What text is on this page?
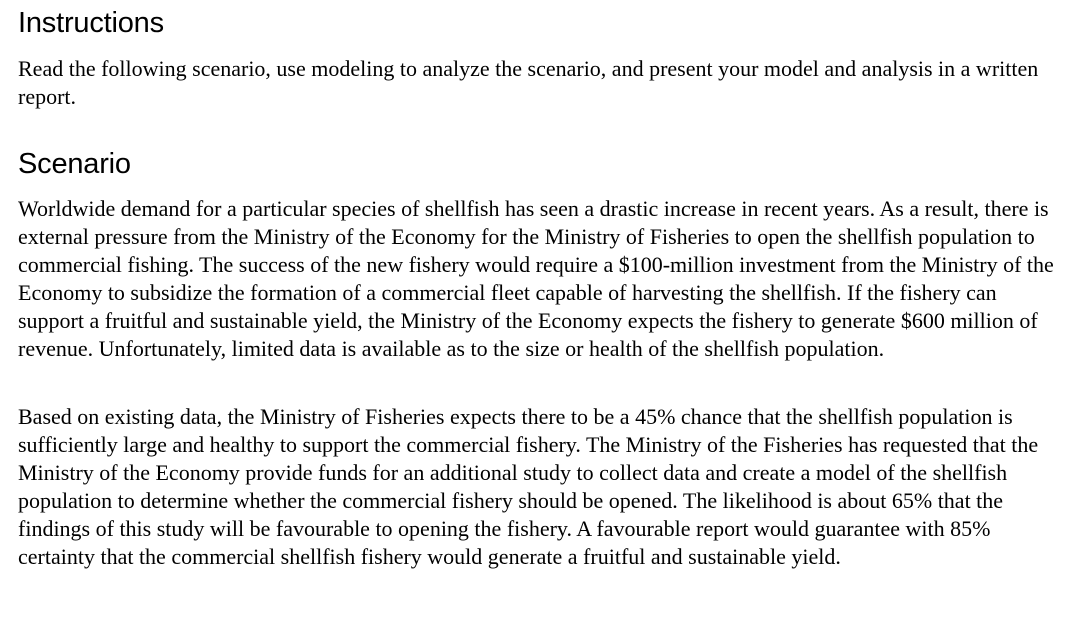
Instructions

Read the following scenario, use modeling to analyze the scenario, and present your model and analysis in a written report.

Scenario

Worldwide demand for a particular species of shellfish has seen a drastic increase in recent years. As a result, there is external pressure from the Ministry of the Economy for the Ministry of Fisheries to open the shellfish population to commercial fishing. The success of the new fishery would require a $100-million investment from the Ministry of the Economy to subsidize the formation of a commercial fleet capable of harvesting the shellfish. If the fishery can support a fruitful and sustainable yield, the Ministry of the Economy expects the fishery to generate $600 million of revenue. Unfortunately, limited data is available as to the size or health of the shellfish population.

Based on existing data, the Ministry of Fisheries expects there to be a 45% chance that the shellfish population is sufficiently large and healthy to support the commercial fishery. The Ministry of the Fisheries has requested that the Ministry of the Economy provide funds for an additional study to collect data and create a model of the shellfish population to determine whether the commercial fishery should be opened. The likelihood is about 65% that the findings of this study will be favourable to opening the fishery. A favourable report would guarantee with 85% certainty that the commercial shellfish fishery would generate a fruitful and sustainable yield.
